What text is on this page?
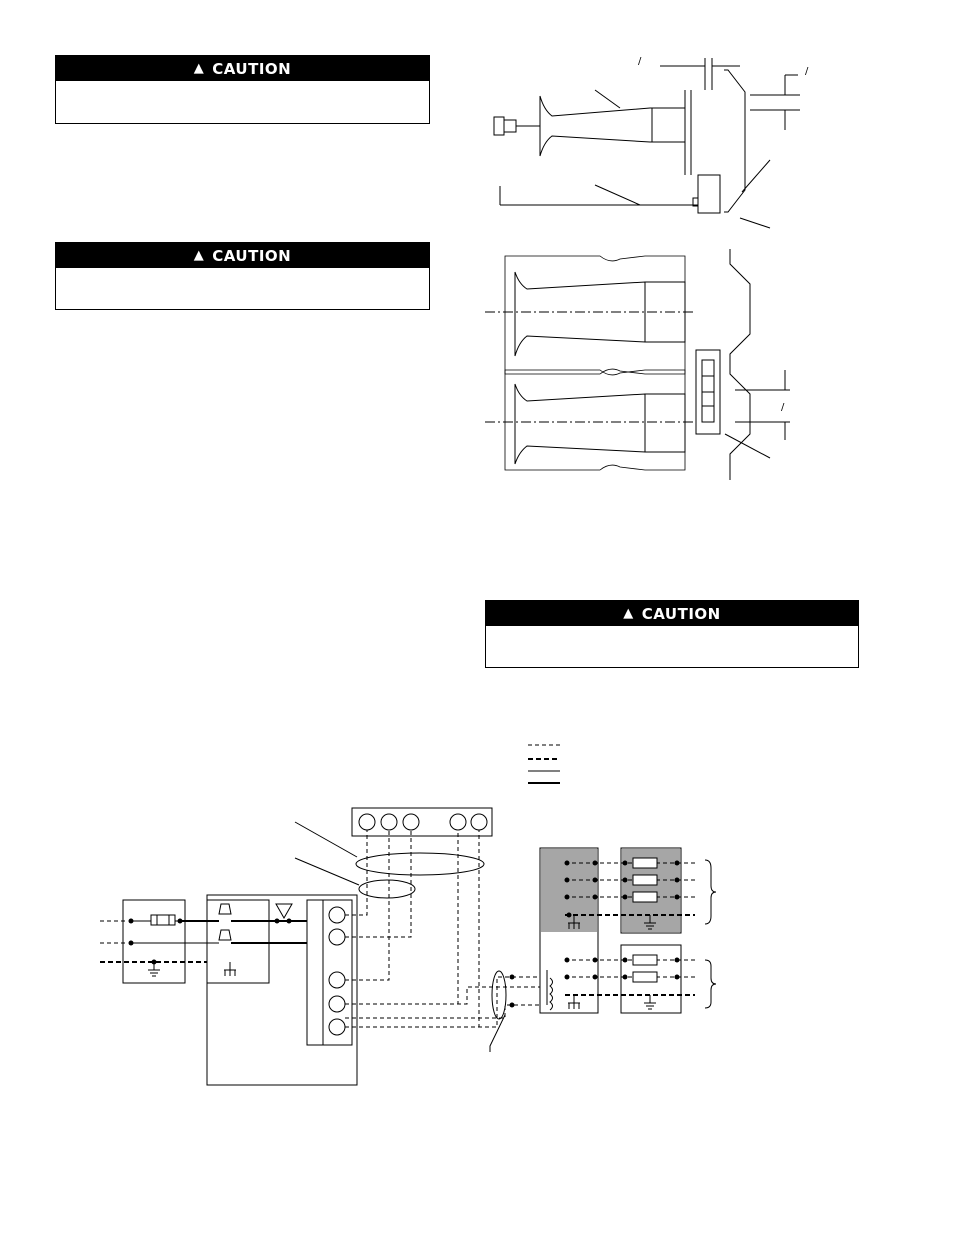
▲ CAUTION
▲ CAUTION
▲ CAUTION
/
/
/
